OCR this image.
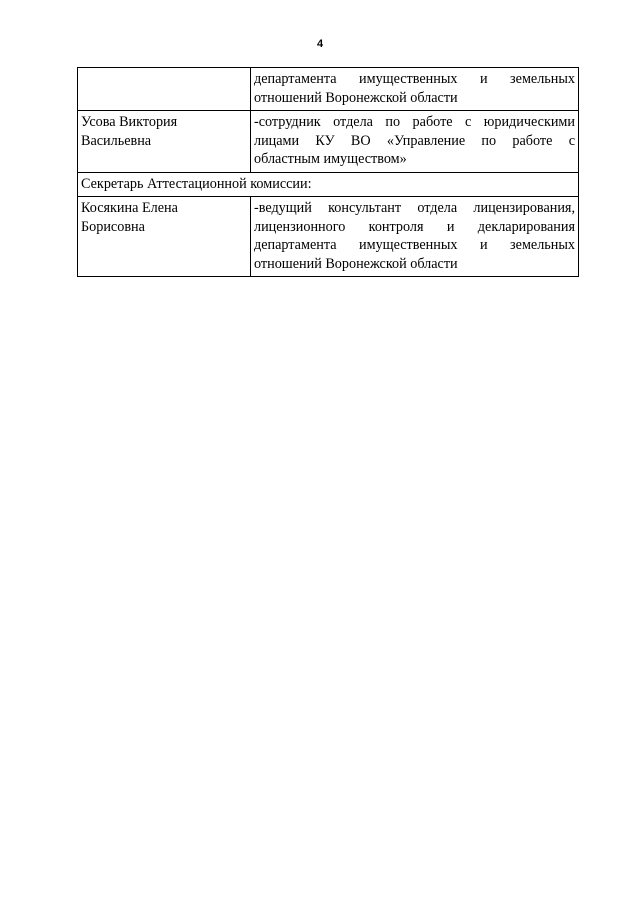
4

	департамента имущественных и земельных
отношений Воронежской области

Усова Виктория
Васильевна	-сотрудник отдела по работе с юридическими
лицами КУ ВО «Управление по работе с
областным имуществом»

Секретарь Аттестационной комиссии:	

Косякина Елена
Борисовна	-ведущий консультант отдела лицензирования,
лицензионного контроля и декларирования
департамента имущественных и земельных
отношений Воронежской области
